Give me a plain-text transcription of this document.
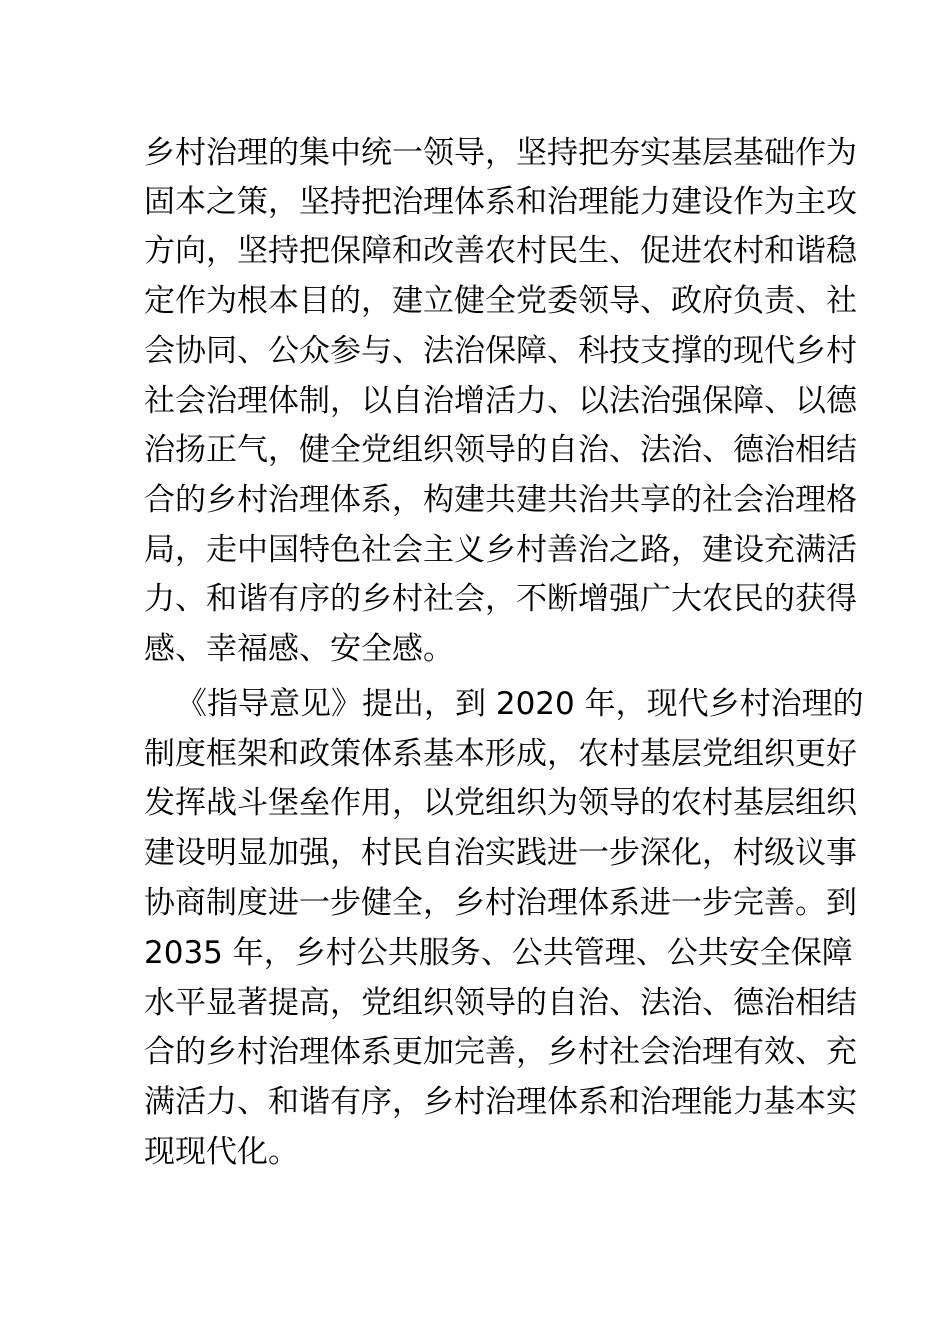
乡村治理的集中统一领导，坚持把夯实基层基础作为
固本之策，坚持把治理体系和治理能力建设作为主攻
方向，坚持把保障和改善农村民生、促进农村和谐稳
定作为根本目的，建立健全党委领导、政府负责、社
会协同、公众参与、法治保障、科技支撑的现代乡村
社会治理体制，以自治增活力、以法治强保障、以德
治扬正气，健全党组织领导的自治、法治、德治相结
合的乡村治理体系，构建共建共治共享的社会治理格
局，走中国特色社会主义乡村善治之路，建设充满活
力、和谐有序的乡村社会，不断增强广大农民的获得
感、幸福感、安全感。
《指导意见》提出，到 2020 年，现代乡村治理的
制度框架和政策体系基本形成，农村基层党组织更好
发挥战斗堡垒作用，以党组织为领导的农村基层组织
建设明显加强，村民自治实践进一步深化，村级议事
协商制度进一步健全，乡村治理体系进一步完善。到
2035 年，乡村公共服务、公共管理、公共安全保障
水平显著提高，党组织领导的自治、法治、德治相结
合的乡村治理体系更加完善，乡村社会治理有效、充
满活力、和谐有序，乡村治理体系和治理能力基本实
现现代化。
